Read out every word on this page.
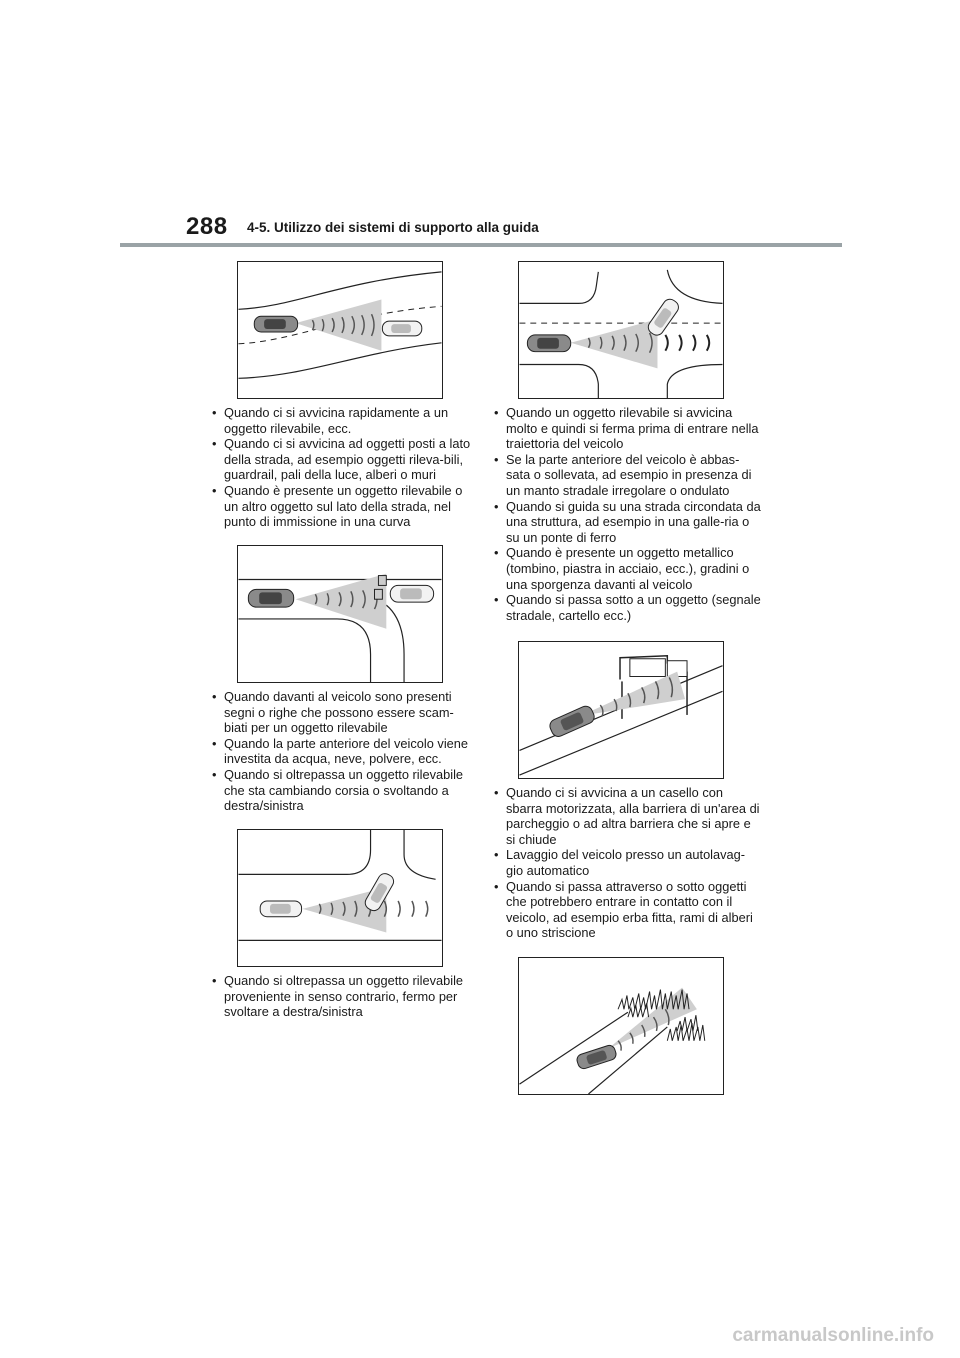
288 4-5. Utilizzo dei sistemi di supporto alla guida
• Quando ci si avvicina rapidamente a un oggetto rilevabile, ecc.
• Quando ci si avvicina ad oggetti posti a lato della strada, ad esempio oggetti rileva-bili, guardrail, pali della luce, alberi o muri
• Quando è presente un oggetto rilevabile o un altro oggetto sul lato della strada, nel punto di immissione in una curva
• Quando davanti al veicolo sono presenti segni o righe che possono essere scam-biati per un oggetto rilevabile
• Quando la parte anteriore del veicolo viene investita da acqua, neve, polvere, ecc.
• Quando si oltrepassa un oggetto rilevabile che sta cambiando corsia o svoltando a destra/sinistra
• Quando si oltrepassa un oggetto rilevabile proveniente in senso contrario, fermo per svoltare a destra/sinistra
• Quando un oggetto rilevabile si avvicina molto e quindi si ferma prima di entrare nella traiettoria del veicolo
• Se la parte anteriore del veicolo è abbas-sata o sollevata, ad esempio in presenza di un manto stradale irregolare o ondulato
• Quando si guida su una strada circondata da una struttura, ad esempio in una galle-ria o su un ponte di ferro
• Quando è presente un oggetto metallico (tombino, piastra in acciaio, ecc.), gradini o una sporgenza davanti al veicolo
• Quando si passa sotto a un oggetto (segnale stradale, cartello ecc.)
• Quando ci si avvicina a un casello con sbarra motorizzata, alla barriera di un'area di parcheggio o ad altra barriera che si apre e si chiude
• Lavaggio del veicolo presso un autolavag-gio automatico
• Quando si passa attraverso o sotto oggetti che potrebbero entrare in contatto con il veicolo, ad esempio erba fitta, rami di alberi o uno striscione
carmanualsonline.info
